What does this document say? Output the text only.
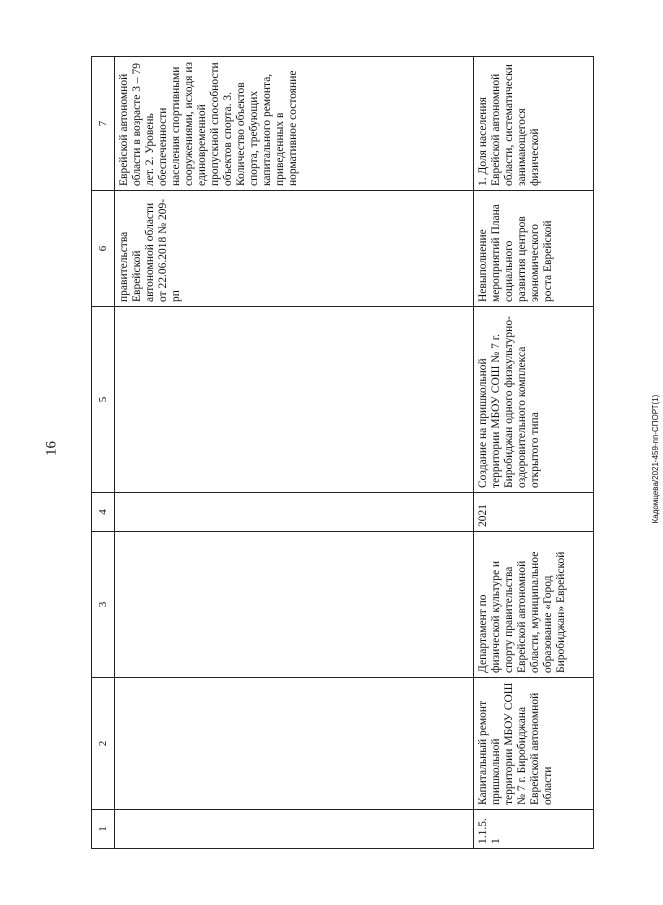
16	Кадомцева/2021-459-пп-СПОРТ(1)
1	2	3	4	5	6	7
					правительства Еврейской автономной области от 22.06.2018 № 209-рп	Еврейской автономной области в возрасте 3 – 79 лет. 2. Уровень обеспеченности населения спортивными сооружениями, исходя из единовременной пропускной способности объектов спорта. 3. Количество объектов спорта, требующих капитального ремонта, приведенных в нормативное состояние
1.1.5.1	Капитальный ремонт пришкольной территории МБОУ СОШ № 7 г. Биробиджана Еврейской автономной области	Департамент по физической культуре и спорту правительства Еврейской автономной области, муниципальное образование «Город Биробиджан» Еврейской	2021	Создание на пришкольной территории МБОУ СОШ № 7 г. Биробиджан одного физкультурно-оздоровительного комплекса открытого типа	Невыполнение мероприятий Плана социального развития центров экономического роста Еврейской	1. Доля населения Еврейской автономной области, систематически занимающегося физической
